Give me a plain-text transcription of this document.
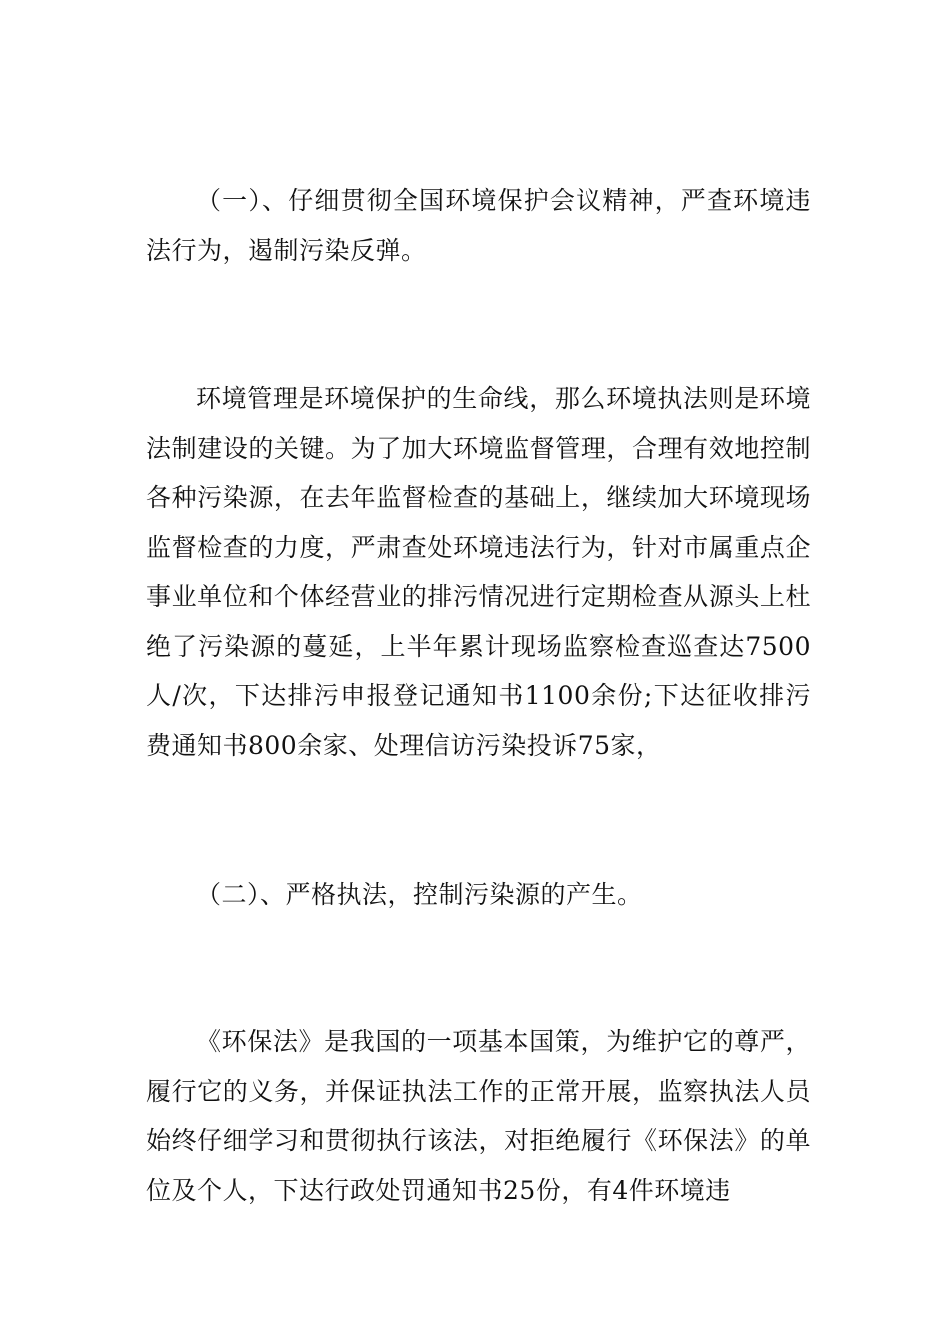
（一）、仔细贯彻全国环境保护会议精神，严查环境违法行为，遏制污染反弹。

环境管理是环境保护的生命线，那么环境执法则是环境法制建设的关键。为了加大环境监督管理，合理有效地控制各种污染源，在去年监督检查的基础上，继续加大环境现场监督检查的力度，严肃查处环境违法行为，针对市属重点企事业单位和个体经营业的排污情况进行定期检查从源头上杜绝了污染源的蔓延，上半年累计现场监察检查巡查达7500人/次，下达排污申报登记通知书1100余份;下达征收排污费通知书800余家、处理信访污染投诉75家，

（二）、严格执法，控制污染源的产生。

《环保法》是我国的一项基本国策，为维护它的尊严，履行它的义务，并保证执法工作的正常开展，监察执法人员始终仔细学习和贯彻执行该法，对拒绝履行《环保法》的单位及个人，下达行政处罚通知书25份，有4件环境违
